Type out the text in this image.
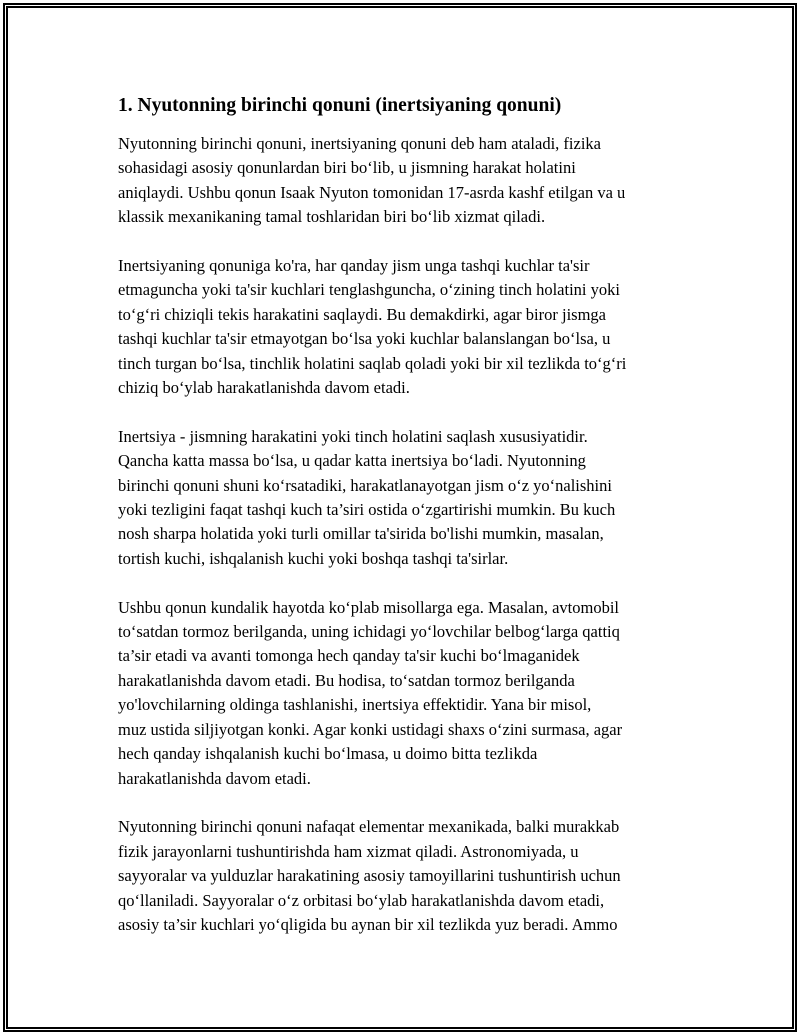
1. Nyutonning birinchi qonuni (inertsiyaning qonuni)

Nyutonning birinchi qonuni, inertsiyaning qonuni deb ham ataladi, fizika
sohasidagi asosiy qonunlardan biri bo‘lib, u jismning harakat holatini
aniqlaydi. Ushbu qonun Isaak Nyuton tomonidan 17-asrda kashf etilgan va u
klassik mexanikaning tamal toshlaridan biri bo‘lib xizmat qiladi.

Inertsiyaning qonuniga ko'ra, har qanday jism unga tashqi kuchlar ta'sir
etmaguncha yoki ta'sir kuchlari tenglashguncha, o‘zining tinch holatini yoki
to‘g‘ri chiziqli tekis harakatini saqlaydi. Bu demakdirki, agar biror jismga
tashqi kuchlar ta'sir etmayotgan bo‘lsa yoki kuchlar balanslangan bo‘lsa, u
tinch turgan bo‘lsa, tinchlik holatini saqlab qoladi yoki bir xil tezlikda to‘g‘ri
chiziq bo‘ylab harakatlanishda davom etadi.

Inertsiya - jismning harakatini yoki tinch holatini saqlash xususiyatidir.
Qancha katta massa bo‘lsa, u qadar katta inertsiya bo‘ladi. Nyutonning
birinchi qonuni shuni ko‘rsatadiki, harakatlanayotgan jism o‘z yo‘nalishini
yoki tezligini faqat tashqi kuch ta’siri ostida o‘zgartirishi mumkin. Bu kuch
nosh sharpa holatida yoki turli omillar ta'sirida bo'lishi mumkin, masalan,
tortish kuchi, ishqalanish kuchi yoki boshqa tashqi ta'sirlar.

Ushbu qonun kundalik hayotda ko‘plab misollarga ega. Masalan, avtomobil
to‘satdan tormoz berilganda, uning ichidagi yo‘lovchilar belbog‘larga qattiq
ta’sir etadi va avanti tomonga hech qanday ta'sir kuchi bo‘lmaganidek
harakatlanishda davom etadi. Bu hodisa, to‘satdan tormoz berilganda
yo'lovchilarning oldinga tashlanishi, inertsiya effektidir. Yana bir misol,
muz ustida siljiyotgan konki. Agar konki ustidagi shaxs o‘zini surmasa, agar
hech qanday ishqalanish kuchi bo‘lmasa, u doimo bitta tezlikda
harakatlanishda davom etadi.

Nyutonning birinchi qonuni nafaqat elementar mexanikada, balki murakkab
fizik jarayonlarni tushuntirishda ham xizmat qiladi. Astronomiyada, u
sayyoralar va yulduzlar harakatining asosiy tamoyillarini tushuntirish uchun
qo‘llaniladi. Sayyoralar o‘z orbitasi bo‘ylab harakatlanishda davom etadi,
asosiy ta’sir kuchlari yo‘qligida bu aynan bir xil tezlikda yuz beradi. Ammo
